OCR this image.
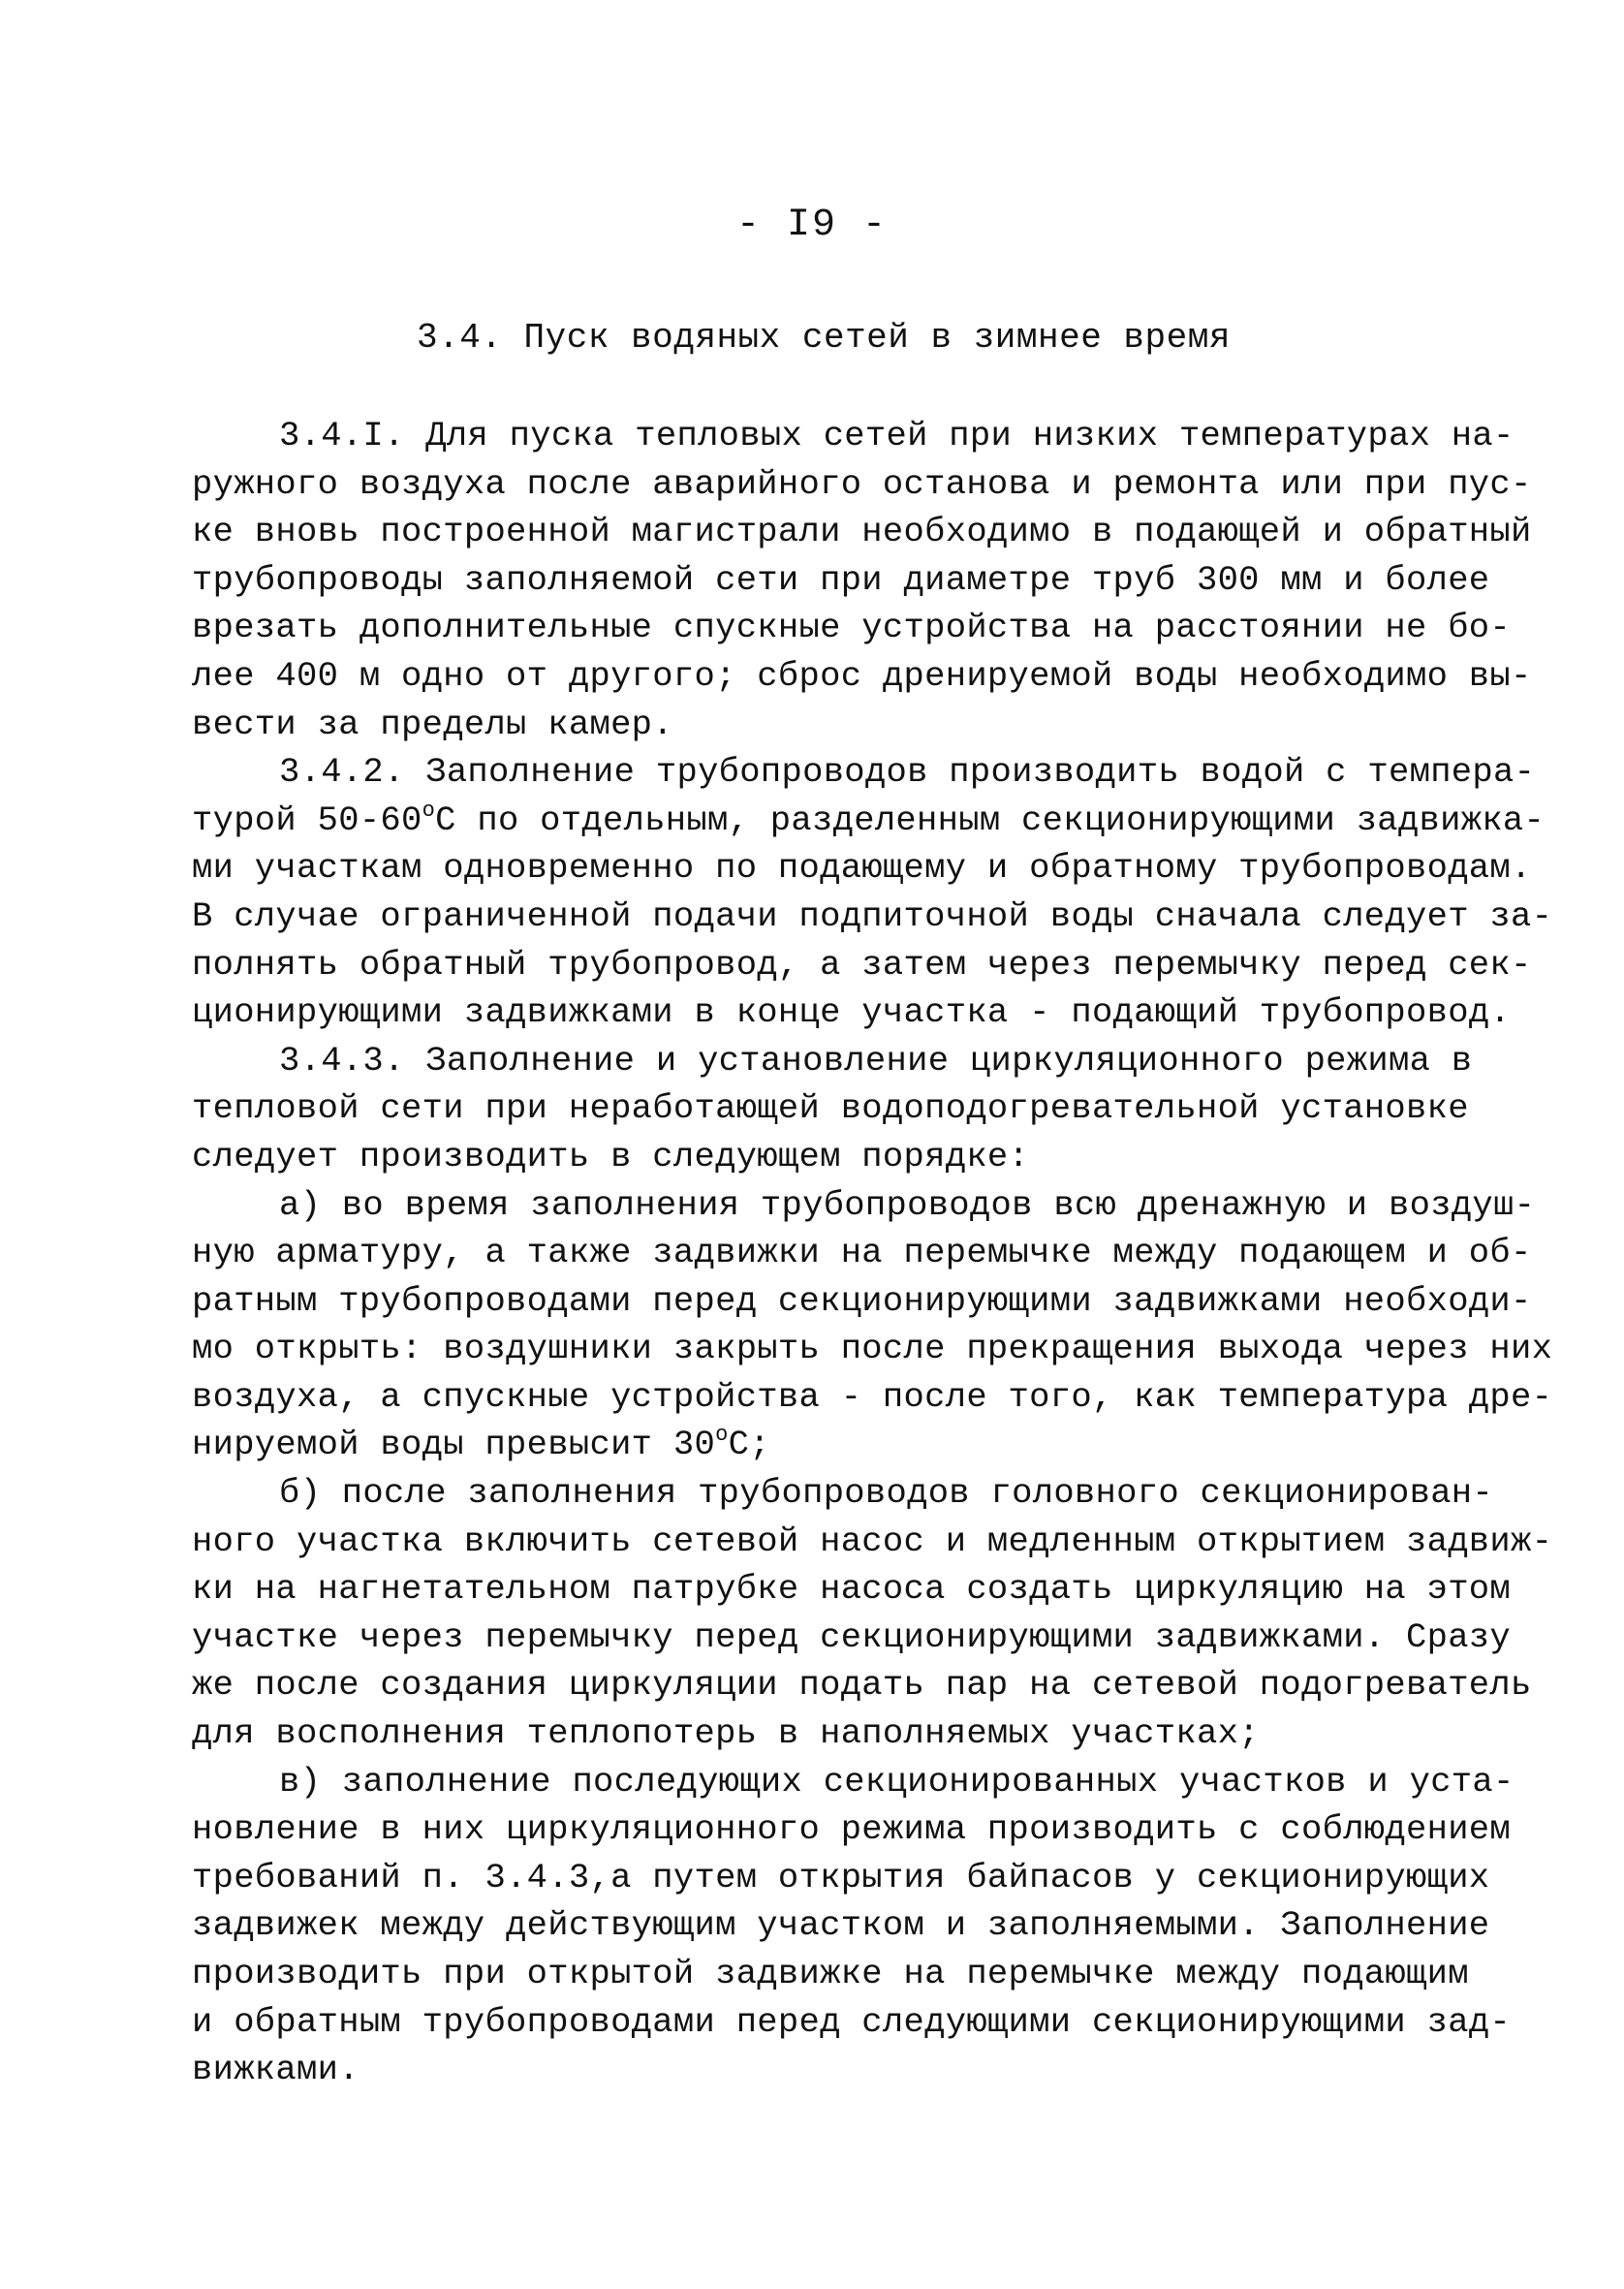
- I9 -
3.4. Пуск водяных сетей в зимнее время
3.4.I. Для пуска тепловых сетей при низких температурах на-
ружного воздуха после аварийного останова и ремонта или при пус-
ке вновь построенной магистрали необходимо в подающей и обратный
трубопроводы заполняемой сети при диаметре труб 300 мм и более
врезать дополнительные спускные устройства на расстоянии не бо-
лее 400 м одно от другого; сброс дренируемой воды необходимо вы-
вести за пределы камер.
3.4.2. Заполнение трубопроводов производить водой с темпера-
турой $50-60^оС$ по отдельным, разделенным секционирующими задвижка-
ми участкам одновременно по подающему и обратному трубопроводам.
В случае ограниченной подачи подпиточной воды сначала следует за-
полнять обратный трубопровод, а затем через перемычку перед сек-
ционирующими задвижками в конце участка - подающий трубопровод.
3.4.3. Заполнение и установление циркуляционного режима в
тепловой сети при неработающей водоподогревательной установке
следует производить в следующем порядке:
а) во время заполнения трубопроводов всю дренажную и воздуш-
ную арматуру, а также задвижки на перемычке между подающем и об-
ратным трубопроводами перед секционирующими задвижками необходи-
мо открыть: воздушники закрыть после прекращения выхода через них
воздуха, а спускные устройства - после того, как температура дре-
нируемой воды превысит $30^оС$;
б) после заполнения трубопроводов головного секционирован-
ного участка включить сетевой насос и медленным открытием задвиж-
ки на нагнетательном патрубке насоса создать циркуляцию на этом
участке через перемычку перед секционирующими задвижками. Сразу
же после создания циркуляции подать пар на сетевой подогреватель
для восполнения теплопотерь в наполняемых участках;
в) заполнение последующих секционированных участков и уста-
новление в них циркуляционного режима производить с соблюдением
требований п. 3.4.3,а путем открытия байпасов у секционирующих
задвижек между действующим участком и заполняемыми. Заполнение
производить при открытой задвижке на перемычке между подающим
и обратным трубопроводами перед следующими секционирующими зад-
вижками.
